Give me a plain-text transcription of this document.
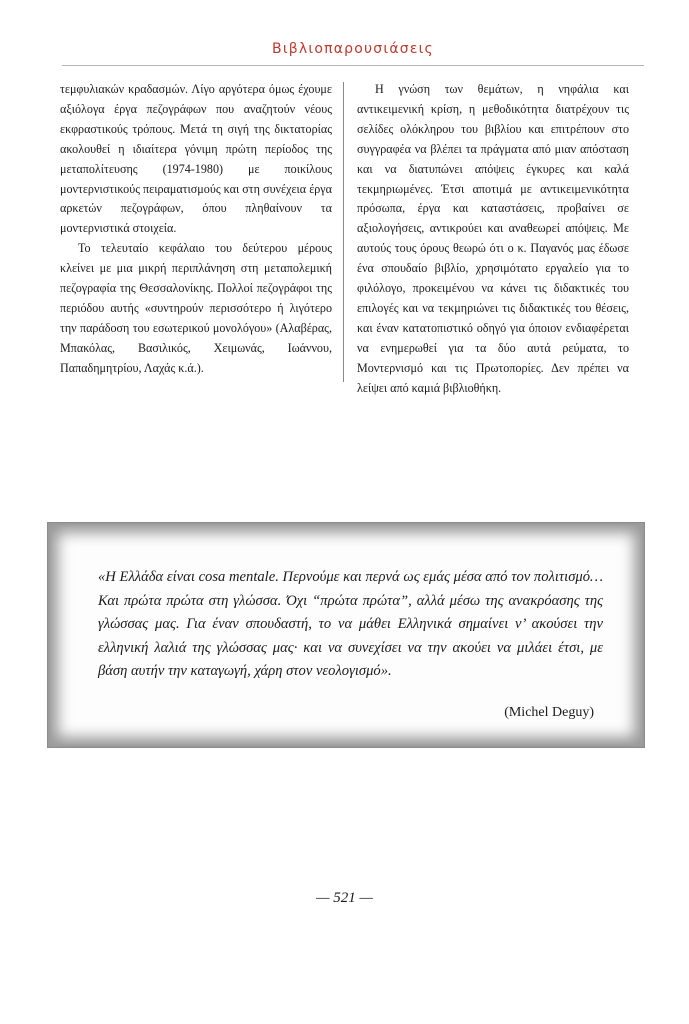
Βιβλιοπαρουσιάσεις

τεμφυλιακών κραδασμών. Λίγο αργότερα όμως έχουμε αξιόλογα έργα πεζογράφων που αναζητούν νέους εκφραστικούς τρόπους. Μετά τη σιγή της δικτατορίας ακολουθεί η ιδιαίτερα γόνιμη πρώτη περίοδος της μεταπολίτευσης (1974-1980) με ποικίλους μοντερνιστικούς πειραματισμούς και στη συνέχεια έργα αρκετών πεζογράφων, όπου πληθαίνουν τα μοντερνιστικά στοιχεία.

Το τελευταίο κεφάλαιο του δεύτερου μέρους κλείνει με μια μικρή περιπλάνηση στη μεταπολεμική πεζογραφία της Θεσσαλονίκης. Πολλοί πεζογράφοι της περιόδου αυτής «συντηρούν περισσότερο ή λιγότερο την παράδοση του εσωτερικού μονολόγου» (Αλαβέρας, Μπακόλας, Βασιλικός, Χειμωνάς, Ιωάννου, Παπαδημητρίου, Λαχάς κ.ά.).

Η γνώση των θεμάτων, η νηφάλια και αντικειμενική κρίση, η μεθοδικότητα διατρέχουν τις σελίδες ολόκληρου του βιβλίου και επιτρέπουν στο συγγραφέα να βλέπει τα πράγματα από μιαν απόσταση και να διατυπώνει απόψεις έγκυρες και καλά τεκμηριωμένες. Έτσι αποτιμά με αντικειμενικότητα πρόσωπα, έργα και καταστάσεις, προβαίνει σε αξιολογήσεις, αντικρούει και αναθεωρεί απόψεις. Με αυτούς τους όρους θεωρώ ότι ο κ. Παγανός μας έδωσε ένα σπουδαίο βιβλίο, χρησιμότατο εργαλείο για το φιλόλογο, προκειμένου να κάνει τις διδακτικές του επιλογές και να τεκμηριώνει τις διδακτικές του θέσεις, και έναν κατατοπιστικό οδηγό για όποιον ενδιαφέρεται να ενημερωθεί για τα δύο αυτά ρεύματα, το Μοντερνισμό και τις Πρωτοπορίες. Δεν πρέπει να λείψει από καμιά βιβλιοθήκη.

«Η Ελλάδα είναι cosa mentale. Περνούμε και περνά ως εμάς μέσα από τον πολιτισμό… Και πρώτα πρώτα στη γλώσσα. Όχι “πρώτα πρώτα”, αλλά μέσω της ανακρόασης της γλώσσας μας. Για έναν σπουδαστή, το να μάθει Ελληνικά σημαίνει ν’ ακούσει την ελληνική λαλιά της γλώσσας μας· και να συνεχίσει να την ακούει να μιλάει έτσι, με βάση αυτήν την καταγωγή, χάρη στον νεολογισμό».

(Michel Deguy)

— 521 —
